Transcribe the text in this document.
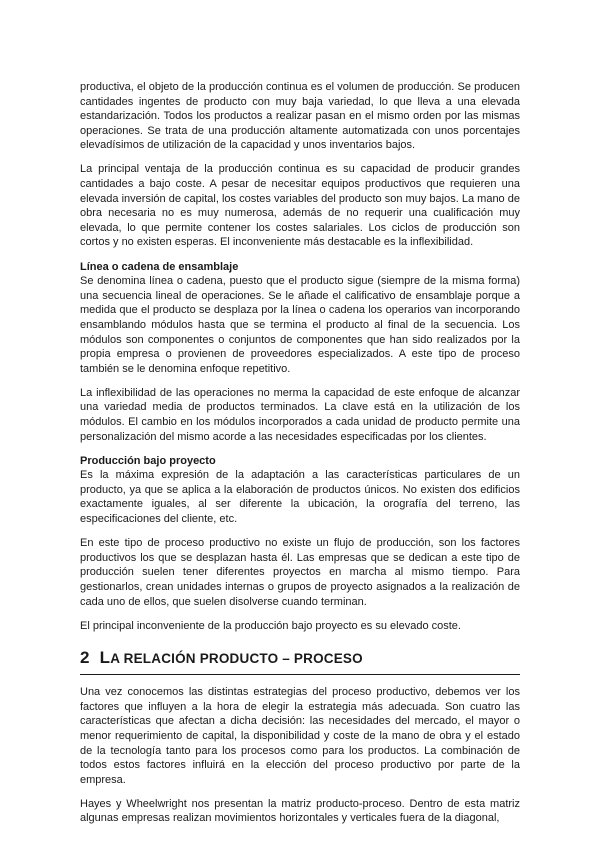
productiva, el objeto de la producción continua es el volumen de producción. Se producen cantidades ingentes de producto con muy baja variedad, lo que lleva a una elevada estandarización. Todos los productos a realizar pasan en el mismo orden por las mismas operaciones. Se trata de una producción altamente automatizada con unos porcentajes elevadísimos de utilización de la capacidad y unos inventarios bajos.

La principal ventaja de la producción continua es su capacidad de producir grandes cantidades a bajo coste. A pesar de necesitar equipos productivos que requieren una elevada inversión de capital, los costes variables del producto son muy bajos. La mano de obra necesaria no es muy numerosa, además de no requerir una cualificación muy elevada, lo que permite contener los costes salariales. Los ciclos de producción son cortos y no existen esperas. El inconveniente más destacable es la inflexibilidad.

Línea o cadena de ensamblaje

Se denomina línea o cadena, puesto que el producto sigue (siempre de la misma forma) una secuencia lineal de operaciones. Se le añade el calificativo de ensamblaje porque a medida que el producto se desplaza por la línea o cadena los operarios van incorporando ensamblando módulos hasta que se termina el producto al final de la secuencia. Los módulos son componentes o conjuntos de componentes que han sido realizados por la propia empresa o provienen de proveedores especializados. A este tipo de proceso también se le denomina enfoque repetitivo.

La inflexibilidad de las operaciones no merma la capacidad de este enfoque de alcanzar una variedad media de productos terminados. La clave está en la utilización de los módulos. El cambio en los módulos incorporados a cada unidad de producto permite una personalización del mismo acorde a las necesidades especificadas por los clientes.

Producción bajo proyecto

Es la máxima expresión de la adaptación a las características particulares de un producto, ya que se aplica a la elaboración de productos únicos. No existen dos edificios exactamente iguales, al ser diferente la ubicación, la orografía del terreno, las especificaciones del cliente, etc.

En este tipo de proceso productivo no existe un flujo de producción, son los factores productivos los que se desplazan hasta él. Las empresas que se dedican a este tipo de producción suelen tener diferentes proyectos en marcha al mismo tiempo. Para gestionarlos, crean unidades internas o grupos de proyecto asignados a la realización de cada uno de ellos, que suelen disolverse cuando terminan.

El principal inconveniente de la producción bajo proyecto es su elevado coste.

2 LA RELACIÓN PRODUCTO – PROCESO

Una vez conocemos las distintas estrategias del proceso productivo, debemos ver los factores que influyen a la hora de elegir la estrategia más adecuada. Son cuatro las características que afectan a dicha decisión: las necesidades del mercado, el mayor o menor requerimiento de capital, la disponibilidad y coste de la mano de obra y el estado de la tecnología tanto para los procesos como para los productos. La combinación de todos estos factores influirá en la elección del proceso productivo por parte de la empresa.

Hayes y Wheelwright nos presentan la matriz producto-proceso. Dentro de esta matriz algunas empresas realizan movimientos horizontales y verticales fuera de la diagonal,
